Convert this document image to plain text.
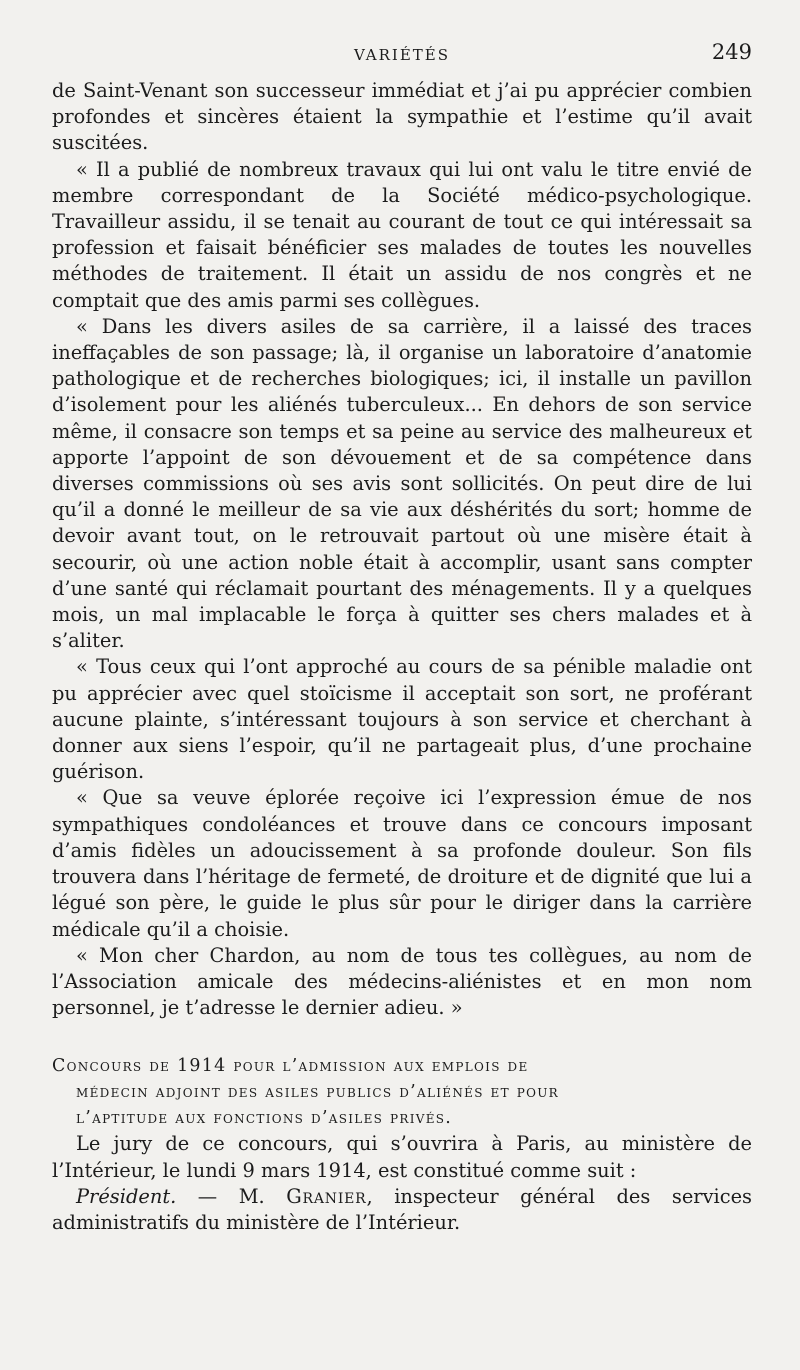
VARIÉTÉS	249

de Saint-Venant son successeur immédiat et j’ai pu apprécier combien profondes et sincères étaient la sympathie et l’estime qu’il avait suscitées.

« Il a publié de nombreux travaux qui lui ont valu le titre envié de membre correspondant de la Société médico-psychologique. Travailleur assidu, il se tenait au courant de tout ce qui intéressait sa profession et faisait bénéficier ses malades de toutes les nouvelles méthodes de traitement. Il était un assidu de nos congrès et ne comptait que des amis parmi ses collègues.

« Dans les divers asiles de sa carrière, il a laissé des traces ineffaçables de son passage; là, il organise un laboratoire d’anatomie pathologique et de recherches biologiques; ici, il installe un pavillon d’isolement pour les aliénés tuberculeux... En dehors de son service même, il consacre son temps et sa peine au service des malheureux et apporte l’appoint de son dévouement et de sa compétence dans diverses commissions où ses avis sont sollicités. On peut dire de lui qu’il a donné le meilleur de sa vie aux déshérités du sort; homme de devoir avant tout, on le retrouvait partout où une misère était à secourir, où une action noble était à accomplir, usant sans compter d’une santé qui réclamait pourtant des ménagements. Il y a quelques mois, un mal implacable le força à quitter ses chers malades et à s’aliter.

« Tous ceux qui l’ont approché au cours de sa pénible maladie ont pu apprécier avec quel stoïcisme il acceptait son sort, ne proférant aucune plainte, s’intéressant toujours à son service et cherchant à donner aux siens l’espoir, qu’il ne partageait plus, d’une prochaine guérison.

« Que sa veuve éplorée reçoive ici l’expression émue de nos sympathiques condoléances et trouve dans ce concours imposant d’amis fidèles un adoucissement à sa profonde douleur. Son fils trouvera dans l’héritage de fermeté, de droiture et de dignité que lui a légué son père, le guide le plus sûr pour le diriger dans la carrière médicale qu’il a choisie.

« Mon cher Chardon, au nom de tous tes collègues, au nom de l’Association amicale des médecins-aliénistes et en mon nom personnel, je t’adresse le dernier adieu. »

Concours de 1914 pour l’admission aux emplois de
médecin adjoint des asiles publics d’aliénés et pour
l’aptitude aux fonctions d’asiles privés.

Le jury de ce concours, qui s’ouvrira à Paris, au ministère de l’Intérieur, le lundi 9 mars 1914, est constitué comme suit :

Président. — M. Granier, inspecteur général des services administratifs du ministère de l’Intérieur.
